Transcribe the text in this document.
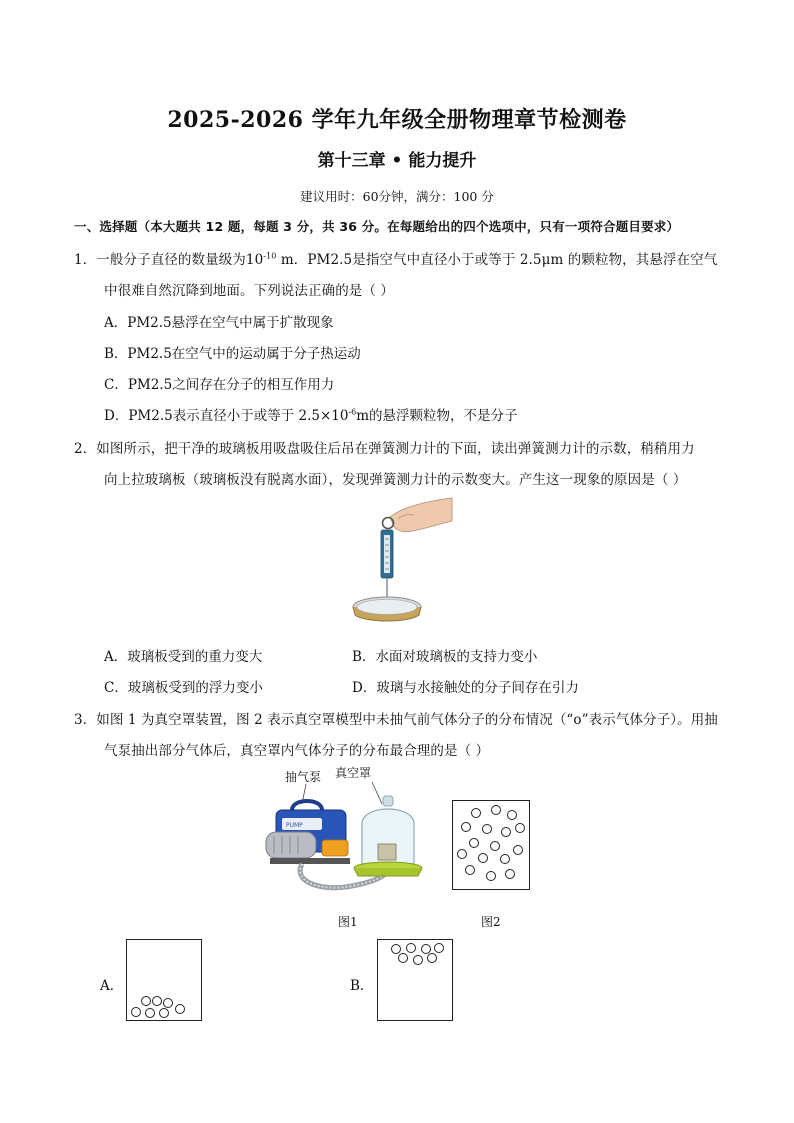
2025-2026 学年九年级全册物理章节检测卷
第十三章 • 能力提升
建议用时：60分钟，满分：100 分
一、选择题（本大题共 12 题，每题 3 分，共 36 分。在每题给出的四个选项中，只有一项符合题目要求）
1．一般分子直径的数量级为$10^{-10}$ m．PM2.5是指空气中直径小于或等于 2.5μm 的颗粒物，其悬浮在空气
中很难自然沉降到地面。下列说法正确的是（ ）
A．PM2.5悬浮在空气中属于扩散现象
B．PM2.5在空气中的运动属于分子热运动
C．PM2.5之间存在分子的相互作用力
D．PM2.5表示直径小于或等于 $2.5\times 10^{-6}m$的悬浮颗粒物，不是分子
2．如图所示，把干净的玻璃板用吸盘吸住后吊在弹簧测力计的下面，读出弹簧测力计的示数，稍稍用力
向上拉玻璃板（玻璃板没有脱离水面），发现弹簧测力计的示数变大。产生这一现象的原因是（ ）
A．玻璃板受到的重力变大	B．水面对玻璃板的支持力变小
C．玻璃板受到的浮力变小	D．玻璃与水接触处的分子间存在引力
3．如图 1 为真空罩装置，图 2 表示真空罩模型中未抽气前气体分子的分布情况（“o”表示气体分子）。用抽
气泵抽出部分气体后，真空罩内气体分子的分布最合理的是（ ）
抽气泵 真空罩
PUMP
图1	图2
A．	B．
